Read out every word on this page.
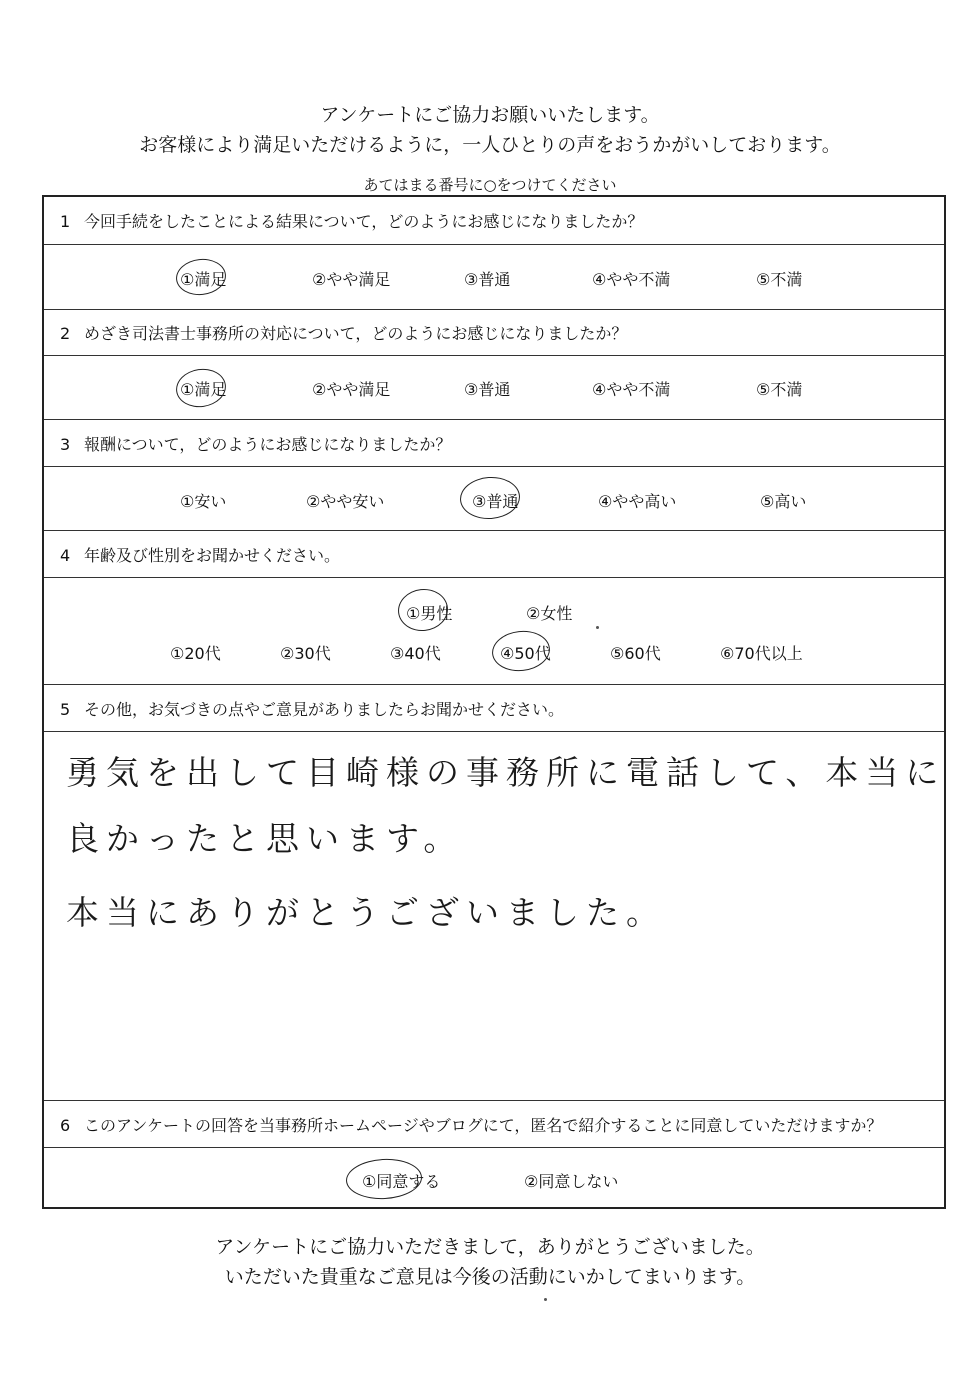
アンケートにご協力お願いいたします。
お客様により満足いただけるように，一人ひとりの声をおうかがいしております。
あてはまる番号に○をつけてください
1 今回手続をしたことによる結果について，どのようにお感じになりましたか？
①満足	②やや満足	③普通	④やや不満	⑤不満
2 めざき司法書士事務所の対応について，どのようにお感じになりましたか？
①満足	②やや満足	③普通	④やや不満	⑤不満
3 報酬について，どのようにお感じになりましたか？
①安い	②やや安い	③普通	④やや高い	⑤高い
4 年齢及び性別をお聞かせください。
①男性	②女性
①20代	②30代	③40代	④50代	⑤60代	⑥70代以上
5 その他，お気づきの点やご意見がありましたらお聞かせください。
勇気を出して目崎様の事務所に電話して、本当に
良かったと思います。
本当にありがとうございました。
6 このアンケートの回答を当事務所ホームページやブログにて，匿名で紹介することに同意していただけますか？
①同意する	②同意しない
アンケートにご協力いただきまして，ありがとうございました。
いただいた貴重なご意見は今後の活動にいかしてまいります。
